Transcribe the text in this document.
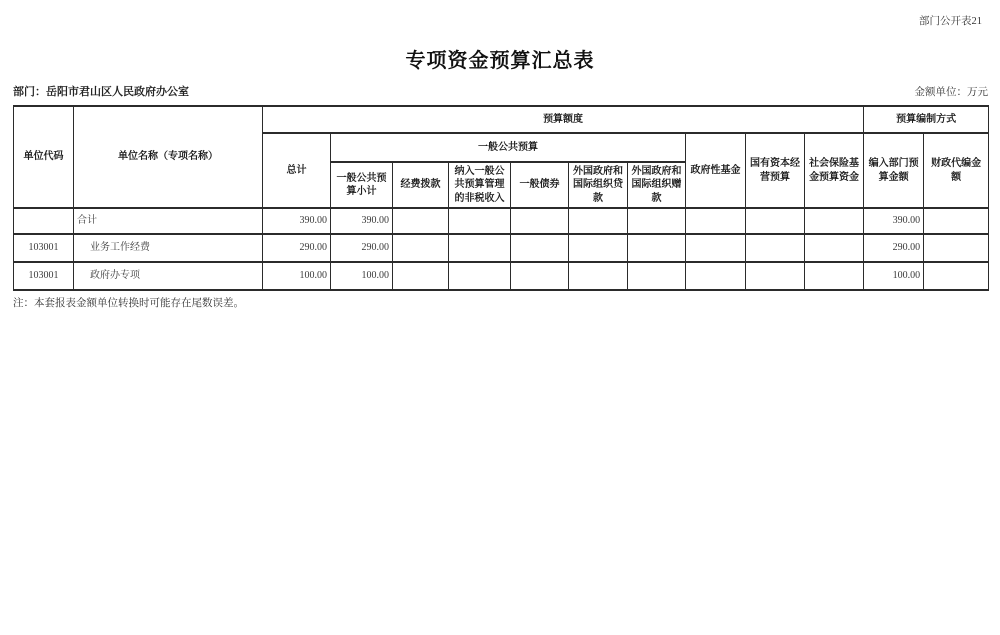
部门公开表21
专项资金预算汇总表
部门：岳阳市君山区人民政府办公室	金额单位：万元
单位代码	单位名称（专项名称）	预算额度										预算编制方式	
		总计	一般公共预算						政府性基金	国有资本经营预算	社会保险基金预算资金	编入部门预算金额	财政代编金额
			一般公共预算小计	经费拨款	纳入一般公共预算管理的非税收入	一般债券	外国政府和国际组织贷款	外国政府和国际组织赠款					
	合计	390.00	390.00									390.00	
103001	业务工作经费	290.00	290.00									290.00	
103001	政府办专项	100.00	100.00									100.00	
注：本套报表金额单位转换时可能存在尾数误差。
